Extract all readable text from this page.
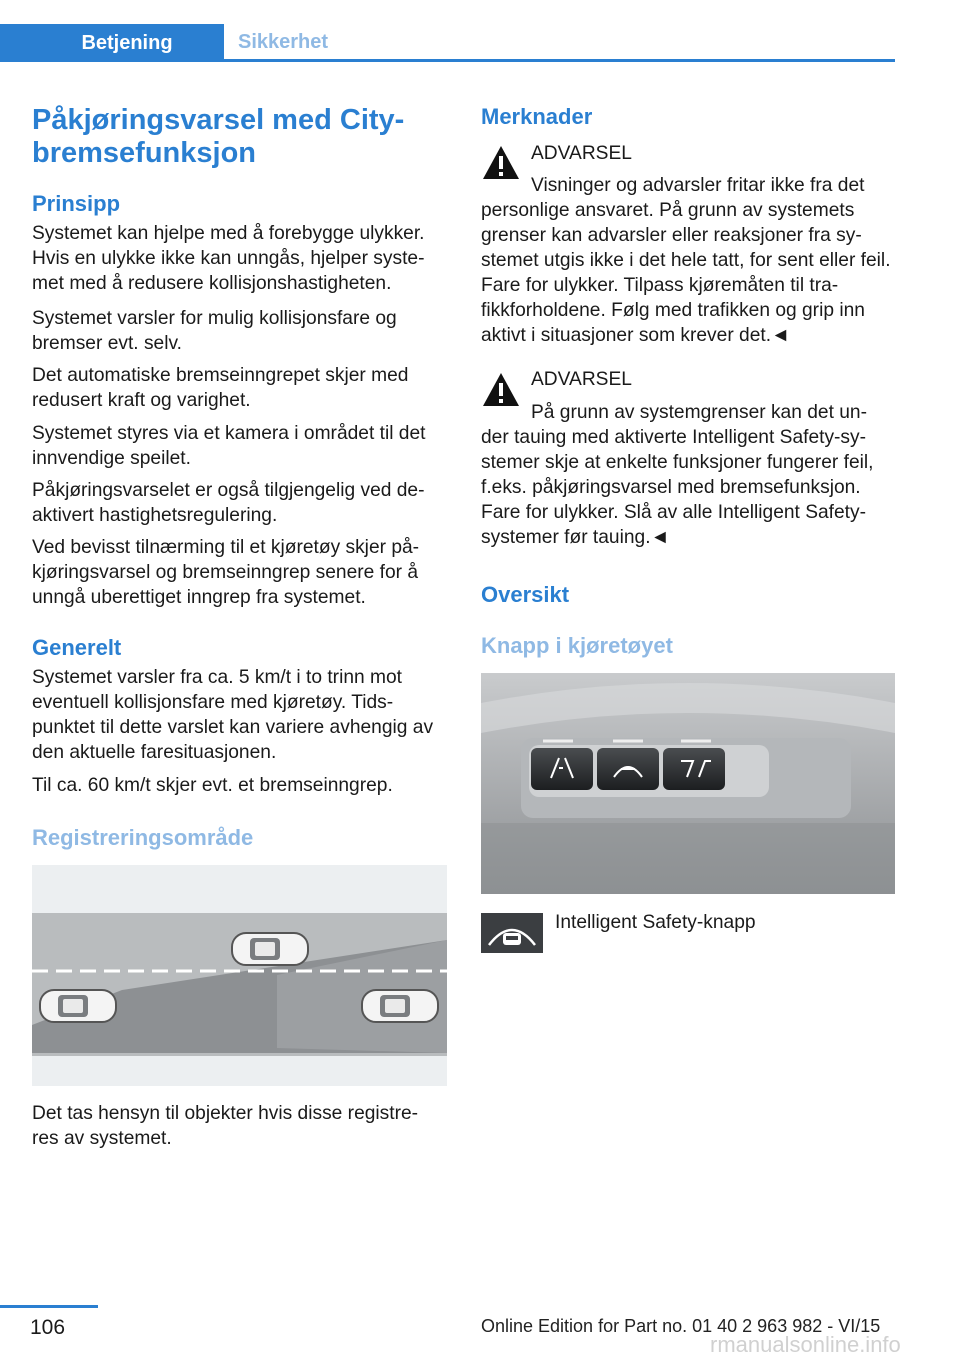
Betjening	Sikkerhet
Påkjøringsvarsel med City-
bremsefunksjon
Prinsipp

Systemet kan hjelpe med å forebygge ulykker. Hvis en ulykke ikke kan unngås, hjelper syste-met med å redusere kollisjonshastigheten.

Systemet varsler for mulig kollisjonsfare og bremser evt. selv.

Det automatiske bremseinngrepet skjer med redusert kraft og varighet.

Systemet styres via et kamera i området til det innvendige speilet.

Påkjøringsvarselet er også tilgjengelig ved de-aktivert hastighetsregulering.

Ved bevisst tilnærming til et kjøretøy skjer på-kjøringsvarsel og bremseinngrep senere for å unngå uberettiget inngrep fra systemet.

Generelt

Systemet varsler fra ca. 5 km/t i to trinn mot eventuell kollisjonsfare med kjøretøy. Tids-punktet til dette varslet kan variere avhengig av den aktuelle faresituasjonen.

Til ca. 60 km/t skjer evt. et bremseinngrep.

Registreringsområde

Det tas hensyn til objekter hvis disse registre-res av systemet.

Merknader

ADVARSEL

Visninger og advarsler fritar ikke fra det personlige ansvaret. På grunn av systemets grenser kan advarsler eller reaksjoner fra sy-stemet utgis ikke i det hele tatt, for sent eller feil. Fare for ulykker. Tilpass kjøremåten til tra-fikkforholdene. Følg med trafikken og grip inn aktivt i situasjoner som krever det.◄

ADVARSEL

På grunn av systemgrenser kan det un-der tauing med aktiverte Intelligent Safety-sy-stemer skje at enkelte funksjoner fungerer feil, f.eks. påkjøringsvarsel med bremsefunksjon. Fare for ulykker. Slå av alle Intelligent Safety-systemer før tauing.◄

Oversikt
Knapp i kjøretøyet

Intelligent Safety-knapp

106	Online Edition for Part no. 01 40 2 963 982 - VI/15
rmanualsonline.info
